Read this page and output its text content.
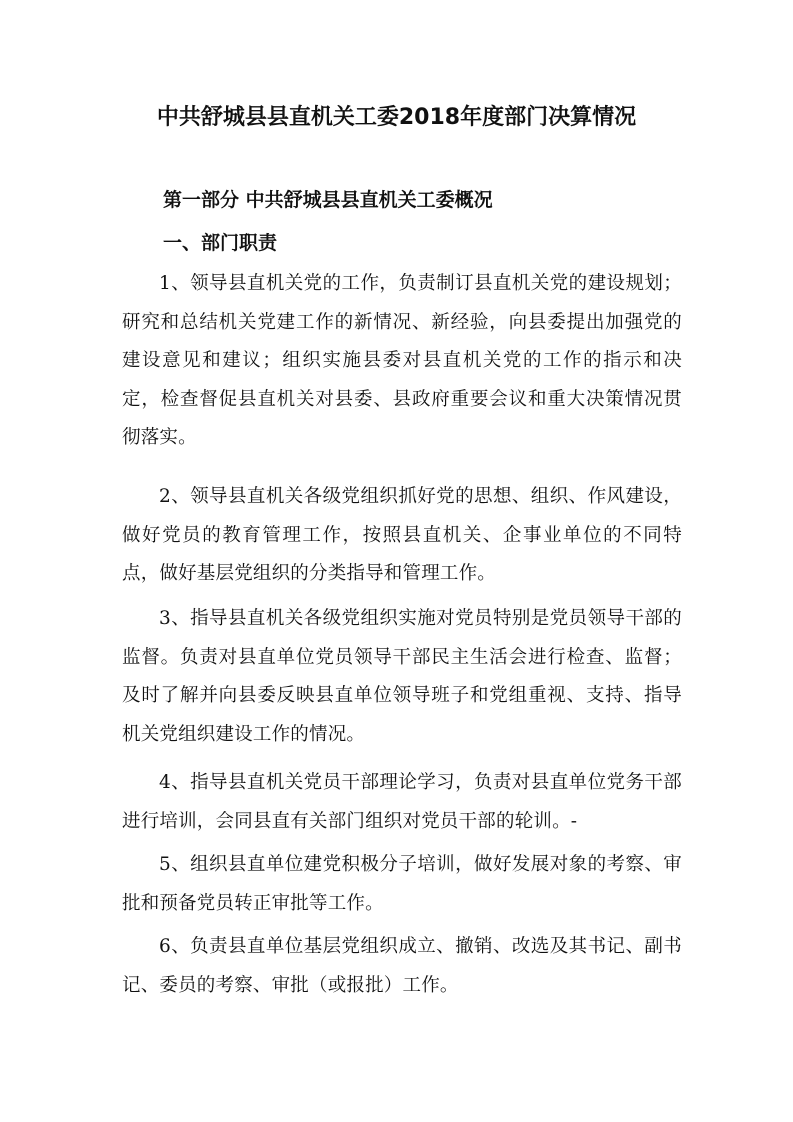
中共舒城县县直机关工委2018年度部门决算情况
第一部分 中共舒城县县直机关工委概况
一、部门职责

1、领导县直机关党的工作，负责制订县直机关党的建设规划；研究和总结机关党建工作的新情况、新经验，向县委提出加强党的建设意见和建议；组织实施县委对县直机关党的工作的指示和决定，检查督促县直机关对县委、县政府重要会议和重大决策情况贯彻落实。

2、领导县直机关各级党组织抓好党的思想、组织、作风建设，做好党员的教育管理工作，按照县直机关、企事业单位的不同特点，做好基层党组织的分类指导和管理工作。

3、指导县直机关各级党组织实施对党员特别是党员领导干部的监督。负责对县直单位党员领导干部民主生活会进行检查、监督；及时了解并向县委反映县直单位领导班子和党组重视、支持、指导机关党组织建设工作的情况。

4、指导县直机关党员干部理论学习，负责对县直单位党务干部进行培训，会同县直有关部门组织对党员干部的轮训。-

5、组织县直单位建党积极分子培训，做好发展对象的考察、审批和预备党员转正审批等工作。

6、负责县直单位基层党组织成立、撤销、改选及其书记、副书记、委员的考察、审批（或报批）工作。
